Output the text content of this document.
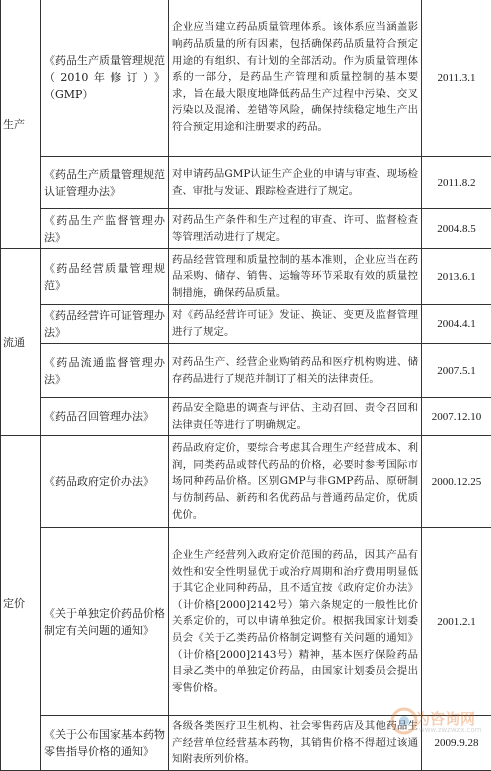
生产	《药品生产质量管理规范（2010年修订）》（GMP）	企业应当建立药品质量管理体系。该体系应当涵盖影响药品质量的所有因素，包括确保药品质量符合预定用途的有组织、有计划的全部活动。作为质量管理体系的一部分，是药品生产管理和质量控制的基本要求，旨在最大限度地降低药品生产过程中污染、交叉污染以及混淆、差错等风险，确保持续稳定地生产出符合预定用途和注册要求的药品。	2011.3.1
	《药品生产质量管理规范认证管理办法》	对申请药品GMP认证生产企业的申请与审查、现场检查、审批与发证、跟踪检查进行了规定。	2011.8.2
	《药品生产监督管理办法》	对药品生产条件和生产过程的审查、许可、监督检查等管理活动进行了规定。	2004.8.5
流通	《药品经营质量管理规范》	药品经营管理和质量控制的基本准则，企业应当在药品采购、储存、销售、运输等环节采取有效的质量控制措施，确保药品质量。	2013.6.1
	《药品经营许可证管理办法》	对《药品经营许可证》发证、换证、变更及监督管理进行了规定。	2004.4.1
	《药品流通监督管理办法》	对药品生产、经营企业购销药品和医疗机构购进、储存药品进行了规范并制订了相关的法律责任。	2007.5.1
	《药品召回管理办法》	药品安全隐患的调查与评估、主动召回、责令召回和法律责任等进行了明确规定。	2007.12.10
定价	《药品政府定价办法》	药品政府定价，要综合考虑其合理生产经营成本、利润，同类药品或替代药品的价格，必要时参考国际市场同种药品价格。区别GMP与非GMP药品、原研制与仿制药品、新药和名优药品与普通药品定价，优质优价。	2000.12.25
	《关于单独定价药品价格制定有关问题的通知》	企业生产经营列入政府定价范围的药品，因其产品有效性和安全性明显优于或治疗周期和治疗费用明显低于其它企业同种药品，且不适宜按《政府定价办法》（计价格[2000]2142号）第六条规定的一般性比价关系定价的，可以申请单独定价。根据我国家计划委员会《关于乙类药品价格制定调整有关问题的通知》（计价格[2000]2143号）精神，基本医疗保险药品目录乙类中的单独定价药品，由国家计划委员会提出零售价格。	2001.2.1
	《关于公布国家基本药物零售指导价格的通知》	各级各类医疗卫生机构、社会零售药店及其他药品生产经营单位经营基本药物，其销售价格不得超过该通知附表所列价格。	2009.9.28
为咨询网
www.zwzwzx.com
